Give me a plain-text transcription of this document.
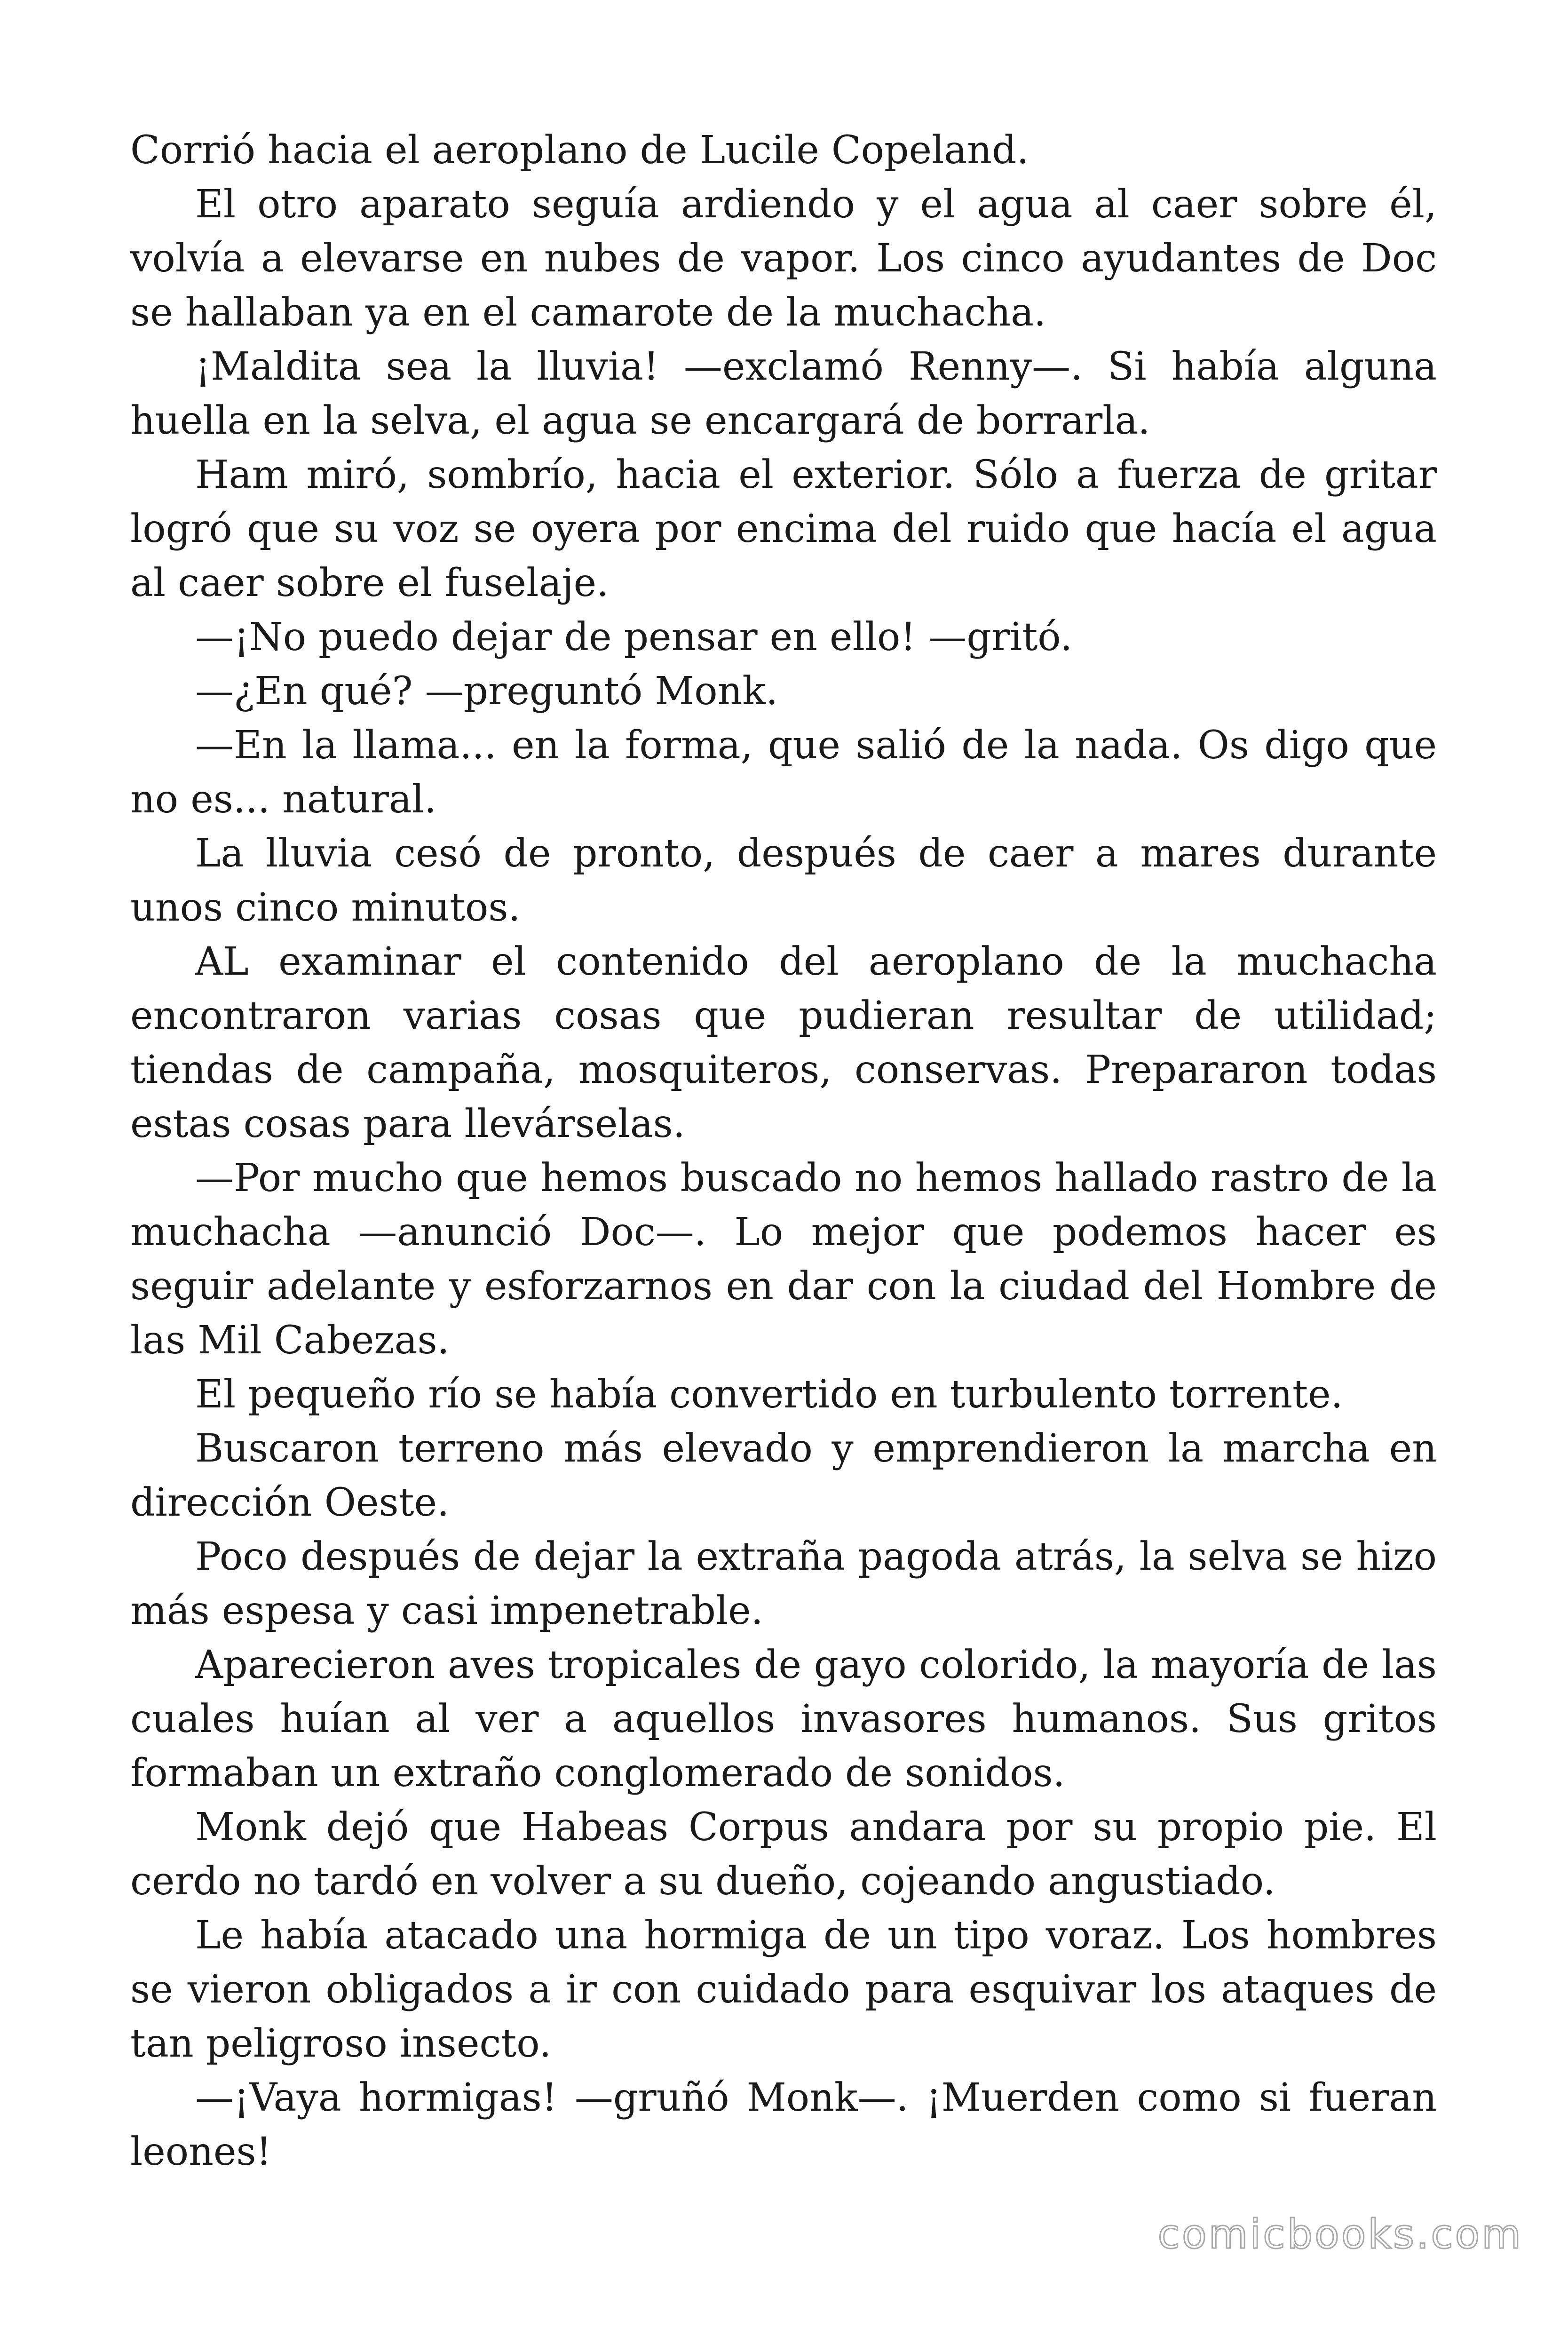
Corrió hacia el aeroplano de Lucile Copeland.

El otro aparato seguía ardiendo y el agua al caer sobre él, volvía a elevarse en nubes de vapor. Los cinco ayudantes de Doc se hallaban ya en el camarote de la muchacha.

¡Maldita sea la lluvia! —exclamó Renny—. Si había alguna huella en la selva, el agua se encargará de borrarla.

Ham miró, sombrío, hacia el exterior. Sólo a fuerza de gritar logró que su voz se oyera por encima del ruido que hacía el agua al caer sobre el fuselaje.

—¡No puedo dejar de pensar en ello! —gritó.

—¿En qué? —preguntó Monk.

—En la llama... en la forma, que salió de la nada. Os digo que no es... natural.

La lluvia cesó de pronto, después de caer a mares durante unos cinco minutos.

AL examinar el contenido del aeroplano de la muchacha encontraron varias cosas que pudieran resultar de utilidad; tiendas de campaña, mosquiteros, conservas. Prepararon todas estas cosas para llevárselas.

—Por mucho que hemos buscado no hemos hallado rastro de la muchacha —anunció Doc—. Lo mejor que podemos hacer es seguir adelante y esforzarnos en dar con la ciudad del Hombre de las Mil Cabezas.

El pequeño río se había convertido en turbulento torrente.

Buscaron terreno más elevado y emprendieron la marcha en dirección Oeste.

Poco después de dejar la extraña pagoda atrás, la selva se hizo más espesa y casi impenetrable.

Aparecieron aves tropicales de gayo colorido, la mayoría de las cuales huían al ver a aquellos invasores humanos. Sus gritos formaban un extraño conglomerado de sonidos.

Monk dejó que Habeas Corpus andara por su propio pie. El cerdo no tardó en volver a su dueño, cojeando angustiado.

Le había atacado una hormiga de un tipo voraz. Los hombres se vieron obligados a ir con cuidado para esquivar los ataques de tan peligroso insecto.

—¡Vaya hormigas! —gruñó Monk—. ¡Muerden como si fueran leones!

comicbooks.com
